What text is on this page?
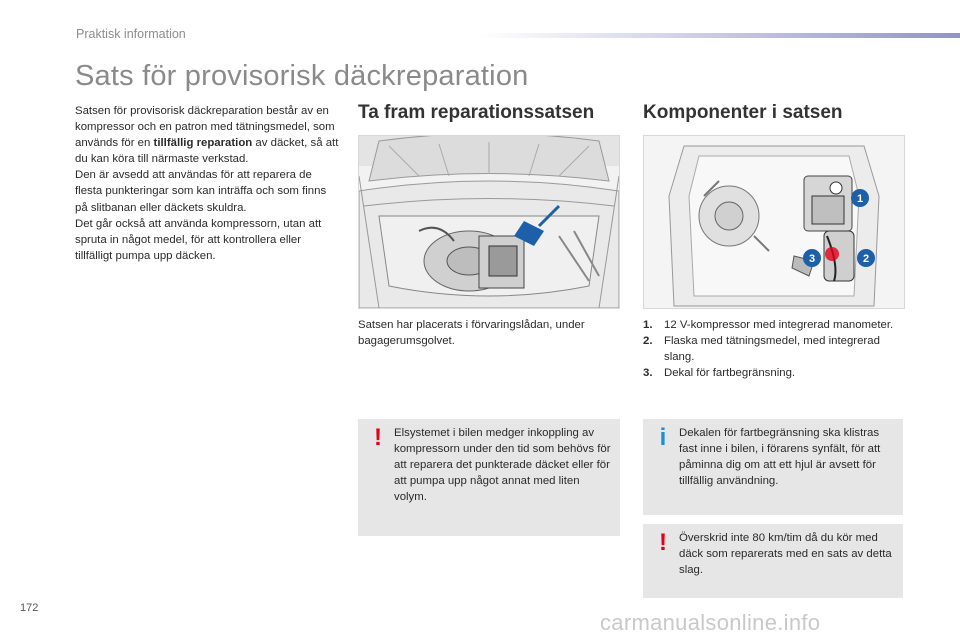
Praktisk information
Sats för provisorisk däckreparation

Satsen för provisorisk däckreparation består av en kompressor och en patron med tätningsmedel, som används för en tillfällig reparation av däcket, så att du kan köra till närmaste verkstad.

Den är avsedd att användas för att reparera de flesta punkteringar som kan inträffa och som finns på slitbanan eller däckets skuldra.

Det går också att använda kompressorn, utan att spruta in något medel, för att kontrollera eller tillfälligt pumpa upp däcken.

Ta fram reparationssatsen
Satsen har placerats i förvaringslådan, under bagagerumsgolvet.
!	Elsystemet i bilen medger inkoppling av kompressorn under den tid som behövs för att reparera det punkterade däcket eller för att pumpa upp något annat med liten volym.
Komponenter i satsen
1
2
3
1.	12 V-kompressor med integrerad manometer.
2.	Flaska med tätningsmedel, med integrerad slang.
3.	Dekal för fartbegränsning.
i	Dekalen för fartbegränsning ska klistras fast inne i bilen, i förarens synfält, för att påminna dig om att ett hjul är avsett för tillfällig användning.
!	Överskrid inte 80 km/tim då du kör med däck som reparerats med en sats av detta slag.
172
carmanualsonline.info
